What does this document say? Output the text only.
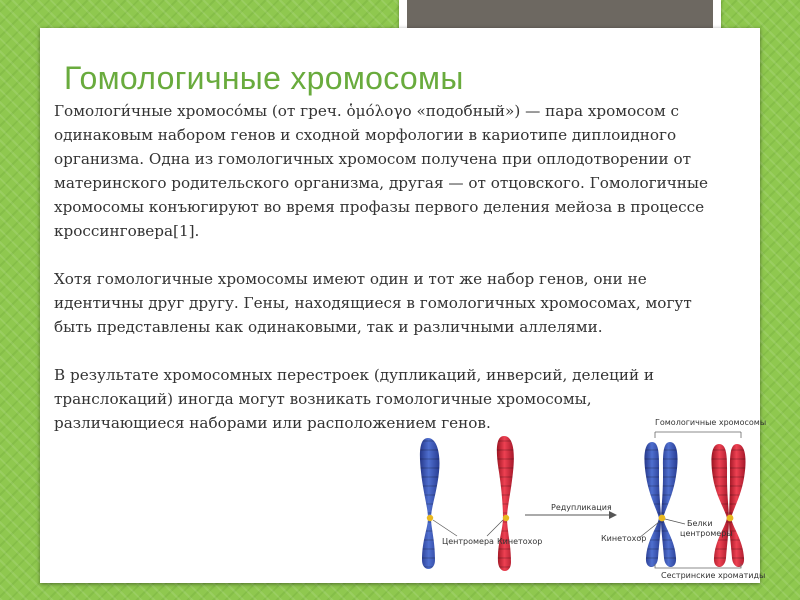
Гомологичные хромосомы

Гомологи́чные хромосо́мы (от греч. ὁμόλογο «подобный») — пара хромосом с одинаковым набором генов и сходной морфологии в кариотипе диплоидного организма. Одна из гомологичных хромосом получена при оплодотворении от материнского родительского организма, другая — от отцовского. Гомологичные хромосомы конъюгируют во время профазы первого деления мейоза в процессе кроссинговера[1].

Хотя гомологичные хромосомы имеют один и тот же набор генов, они не идентичны друг другу. Гены, находящиеся в гомологичных хромосомах, могут быть представлены как одинаковыми, так и различными аллелями.

В результате хромосомных перестроек (дупликаций, инверсий, делеций и транслокаций) иногда могут возникать гомологичные хромосомы, различающиеся наборами или расположением генов.

Центромера Кинетохор
Редупликация
Гомологичные хромосомы
Кинетохор
Белки
центромеры
Сестринские хроматиды
